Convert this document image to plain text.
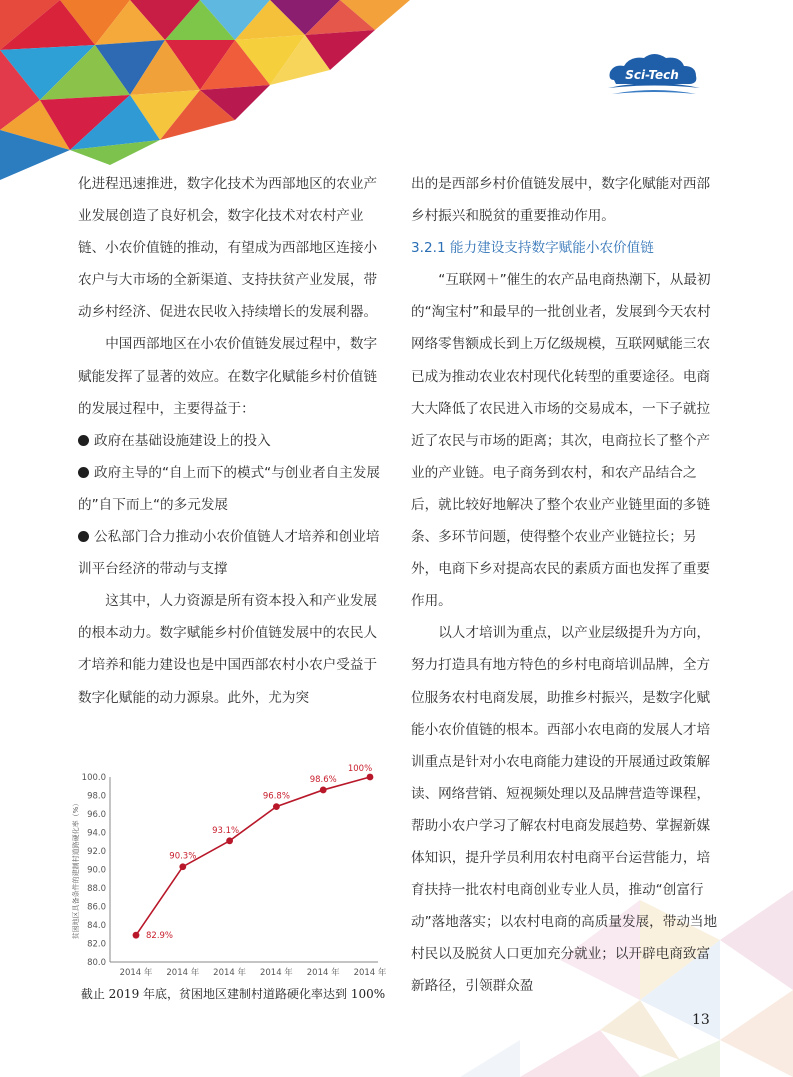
Sci-Tech

化进程迅速推进，数字化技术为西部地区的农业产业发展创造了良好机会，数字化技术对农村产业链、小农价值链的推动，有望成为西部地区连接小农户与大市场的全新渠道、支持扶贫产业发展，带动乡村经济、促进农民收入持续增长的发展利器。

中国西部地区在小农价值链发展过程中，数字赋能发挥了显著的效应。在数字化赋能乡村价值链的发展过程中，主要得益于：

政府在基础设施建设上的投入

政府主导的“自上而下的模式“与创业者自主发展的”自下而上“的多元发展

公私部门合力推动小农价值链人才培养和创业培训平台经济的带动与支撑

这其中，人力资源是所有资本投入和产业发展的根本动力。数字赋能乡村价值链发展中的农民人才培养和能力建设也是中国西部农村小农户受益于数字化赋能的动力源泉。此外，尤为突

出的是西部乡村价值链发展中，数字化赋能对西部乡村振兴和脱贫的重要推动作用。

3.2.1 能力建设支持数字赋能小农价值链

“互联网＋”催生的农产品电商热潮下，从最初的“淘宝村”和最早的一批创业者，发展到今天农村网络零售额成长到上万亿级规模，互联网赋能三农已成为推动农业农村现代化转型的重要途径。电商大大降低了农民进入市场的交易成本，一下子就拉近了农民与市场的距离；其次，电商拉长了整个产业的产业链。电子商务到农村，和农产品结合之后，就比较好地解决了整个农业产业链里面的多链条、多环节问题，使得整个农业产业链拉长；另外，电商下乡对提高农民的素质方面也发挥了重要作用。

以人才培训为重点，以产业层级提升为方向，努力打造具有地方特色的乡村电商培训品牌，全方位服务农村电商发展，助推乡村振兴，是数字化赋能小农价值链的根本。西部小农电商的发展人才培训重点是针对小农电商能力建设的开展通过政策解读、网络营销、短视频处理以及品牌营造等课程，帮助小农户学习了解农村电商发展趋势、掌握新媒体知识，提升学员利用农村电商平台运营能力，培育扶持一批农村电商创业专业人员，推动“创富行动”落地落实；以农村电商的高质量发展，带动当地村民以及脱贫人口更加充分就业；以开辟电商致富新路径，引领群众盈

80.0
82.0
84.0
86.0
88.0
90.0
92.0
94.0
96.0
98.0
100.0
2014 年 2014 年 2014 年 2014 年 2014 年 2014 年
贫困地区具备条件的建制村道路硬化率（%）	82.9%
90.3%
93.1%
96.8%
98.6%
100%
截止 2019 年底，贫困地区建制村道路硬化率达到 100%
13
